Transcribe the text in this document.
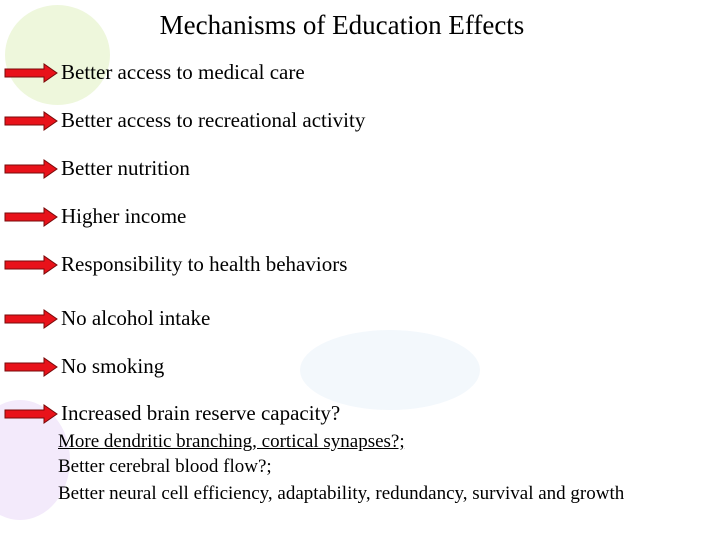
Mechanisms of Education Effects
Better access to medical care
Better access to recreational activity
Better nutrition
Higher income
Responsibility to health behaviors
No alcohol intake
No smoking
Increased brain reserve capacity?
More dendritic branching, cortical synapses?;
Better cerebral blood flow?;
Better neural cell efficiency, adaptability, redundancy, survival and growth
